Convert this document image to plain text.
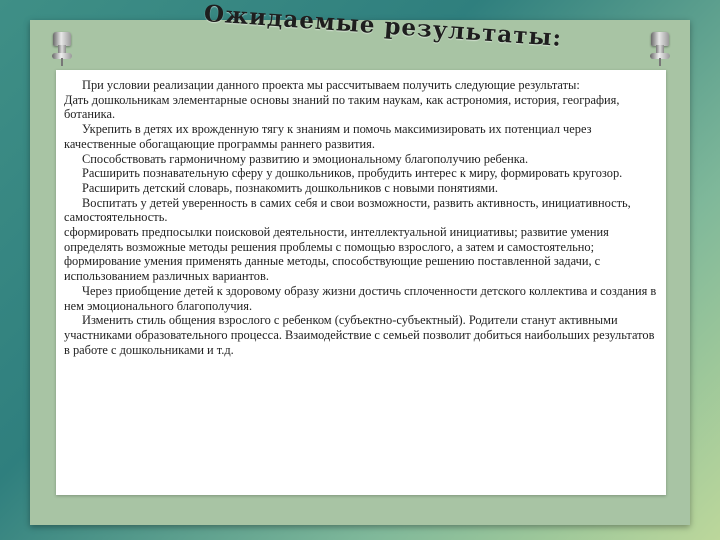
Ожидаемые результаты:

При условии реализации данного проекта мы рассчитываем получить следующие результаты:

Дать дошкольникам элементарные основы знаний по таким наукам, как астрономия, история, география, ботаника.

Укрепить в детях их врожденную тягу к знаниям и помочь максимизировать их потенциал через качественные обогащающие программы раннего развития.

Способствовать гармоничному развитию и эмоциональному благополучию ребенка.

Расширить познавательную сферу у дошкольников, пробудить интерес к миру, формировать кругозор.

Расширить детский словарь, познакомить дошкольников с новыми понятиями.

Воспитать у детей уверенность в самих себя и свои возможности, развить активность, инициативность, самостоятельность.

сформировать предпосылки поисковой деятельности, интеллектуальной инициативы; развитие умения определять возможные методы решения проблемы с помощью взрослого, а затем и самостоятельно; формирование умения применять данные методы, способствующие решению поставленной задачи, с использованием различных вариантов.

Через приобщение детей к здоровому образу жизни достичь сплоченности детского коллектива и создания в нем эмоционального благополучия.

Изменить стиль общения взрослого с ребенком (субъектно-субъектный). Родители станут активными участниками образовательного процесса. Взаимодействие с семьей позволит добиться наибольших результатов в работе с дошкольниками и т.д.
